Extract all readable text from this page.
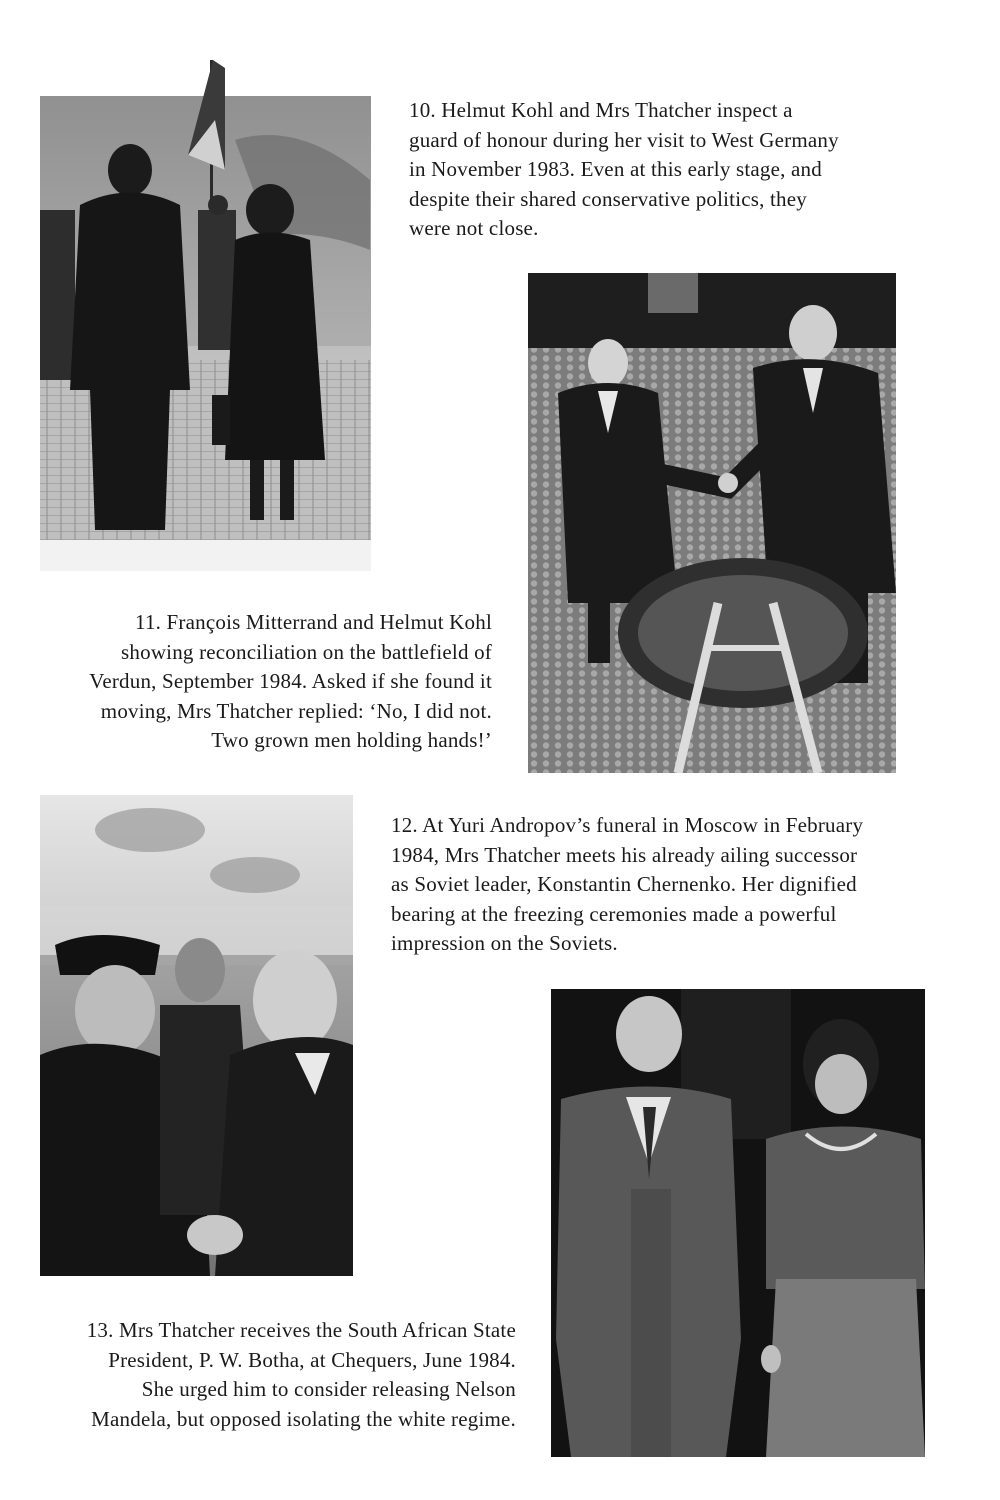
10. Helmut Kohl and Mrs Thatcher inspect a
guard of honour during her visit to West Germany
in November 1983. Even at this early stage, and
despite their shared conservative politics, they
were not close.

11. François Mitterrand and Helmut Kohl
showing reconciliation on the battlefield of
Verdun, September 1984. Asked if she found it
moving, Mrs Thatcher replied: ‘No, I did not.
Two grown men holding hands!’

12. At Yuri Andropov’s funeral in Moscow in February
1984, Mrs Thatcher meets his already ailing successor
as Soviet leader, Konstantin Chernenko. Her dignified
bearing at the freezing ceremonies made a powerful
impression on the Soviets.

13. Mrs Thatcher receives the South African State
President, P. W. Botha, at Chequers, June 1984.
She urged him to consider releasing Nelson
Mandela, but opposed isolating the white regime.
